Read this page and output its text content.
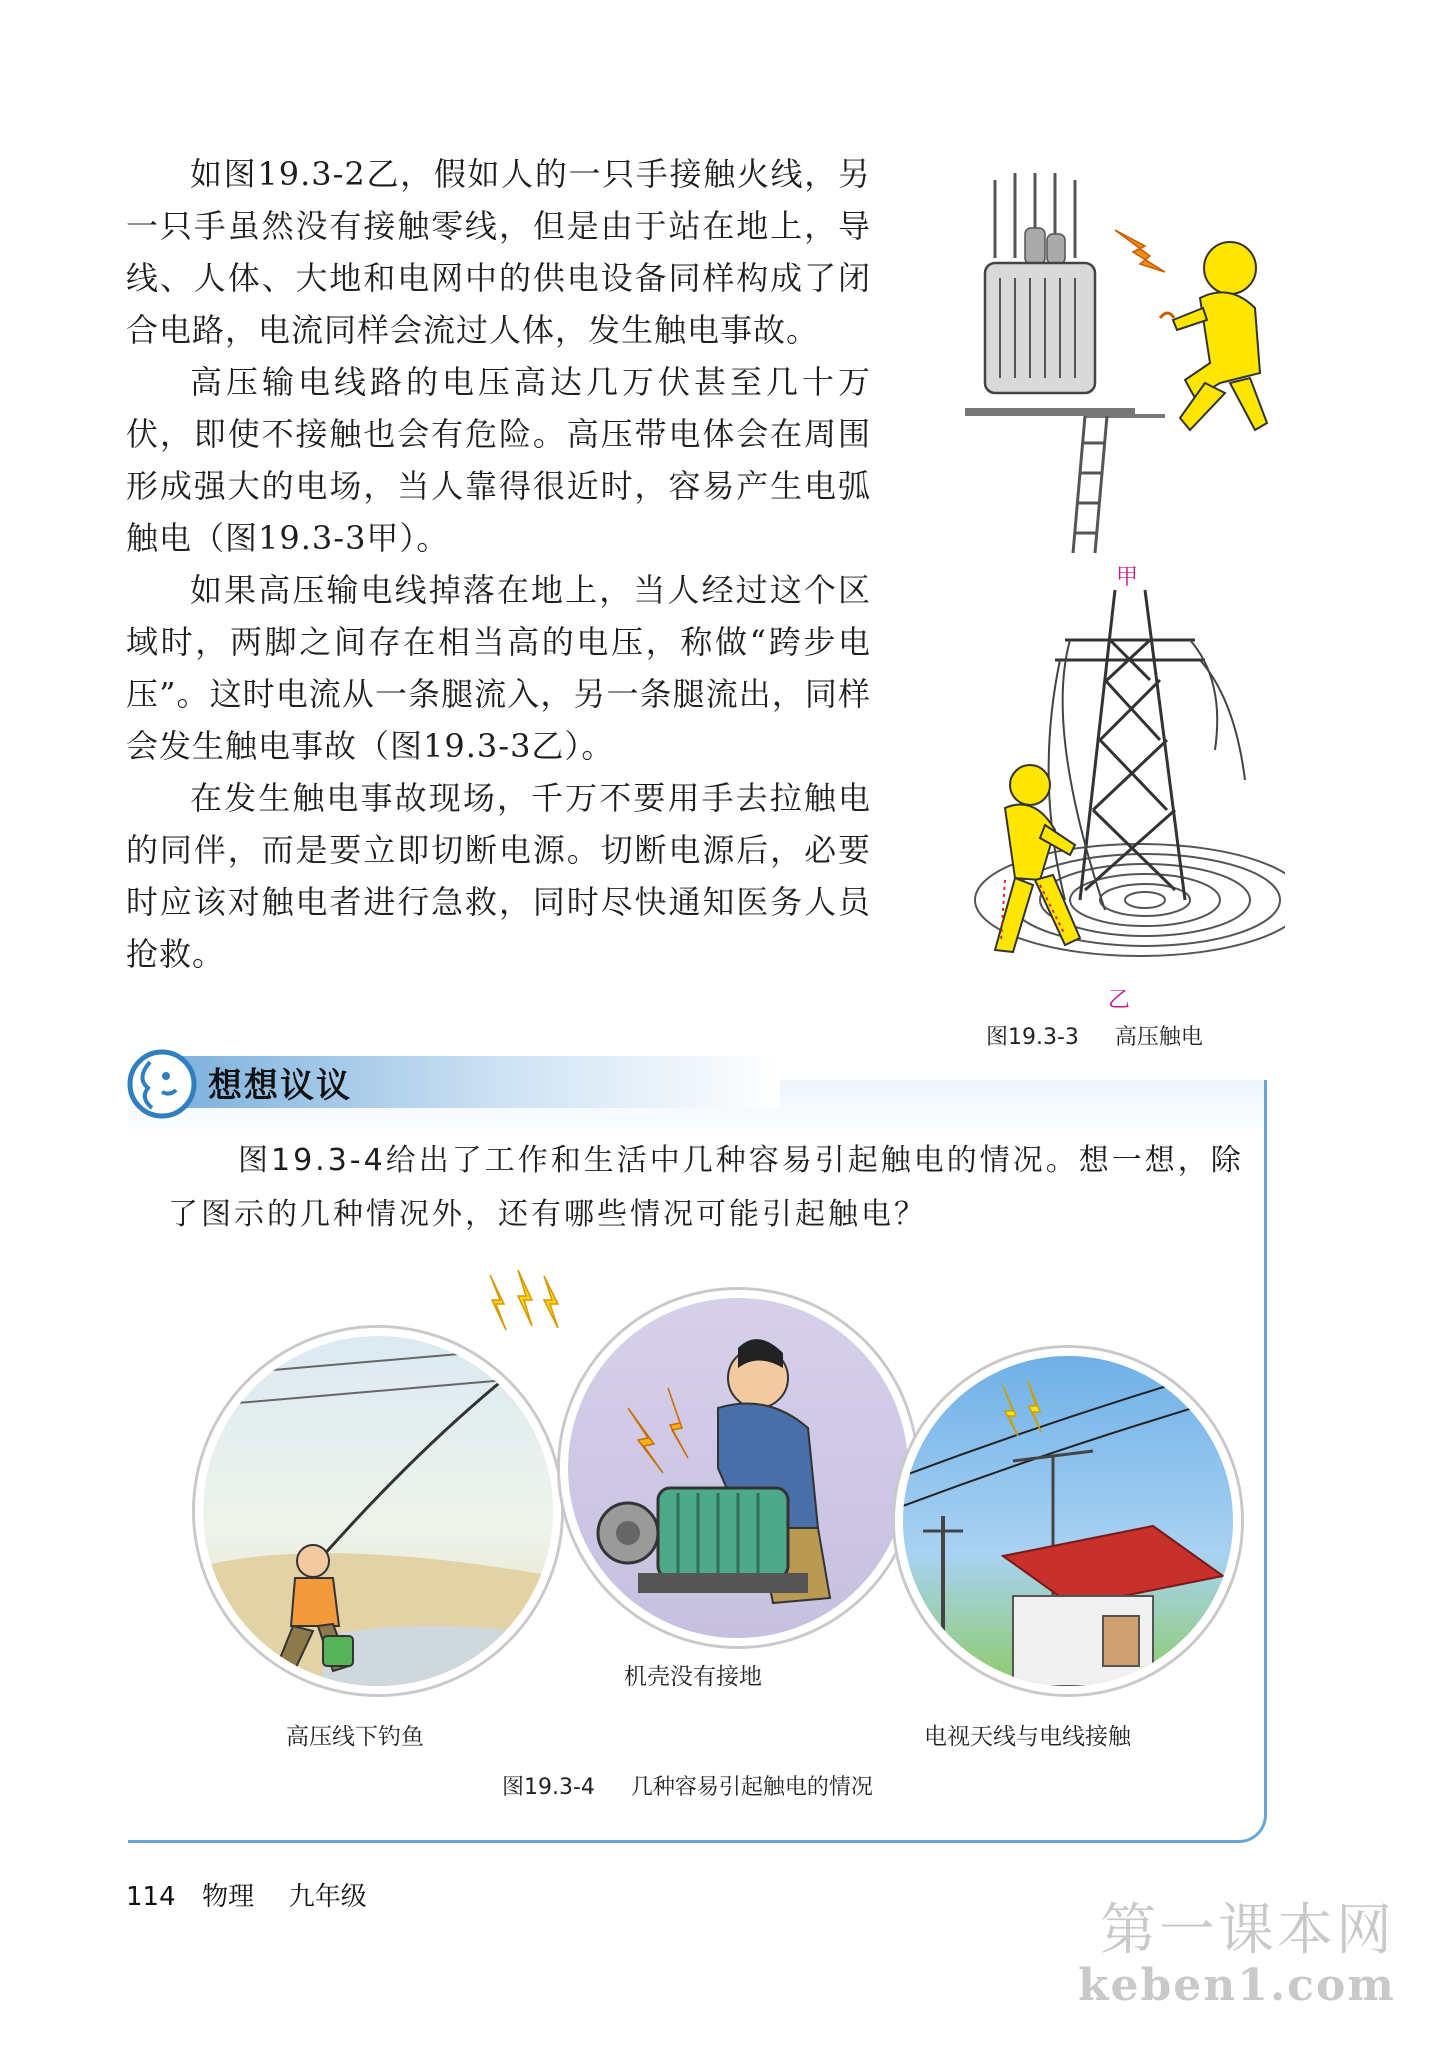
如图19.3-2乙，假如人的一只手接触火线，另一只手虽然没有接触零线，但是由于站在地上，导线、人体、大地和电网中的供电设备同样构成了闭合电路，电流同样会流过人体，发生触电事故。

高压输电线路的电压高达几万伏甚至几十万伏，即使不接触也会有危险。高压带电体会在周围形成强大的电场，当人靠得很近时，容易产生电弧触电（图19.3-3甲）。

如果高压输电线掉落在地上，当人经过这个区域时，两脚之间存在相当高的电压，称做“跨步电压”。这时电流从一条腿流入，另一条腿流出，同样会发生触电事故（图19.3-3乙）。

在发生触电事故现场，千万不要用手去拉触电的同伴，而是要立即切断电源。切断电源后，必要时应该对触电者进行急救，同时尽快通知医务人员抢救。

甲
乙
图19.3-3 高压触电
想想议议
图19.3-4给出了工作和生活中几种容易引起触电的情况。想一想，除了图示的几种情况外，还有哪些情况可能引起触电？
机壳没有接地
高压线下钓鱼	电视天线与电线接触
图19.3-4 几种容易引起触电的情况
114 物理 九年级
第一课本网
keben1.com
